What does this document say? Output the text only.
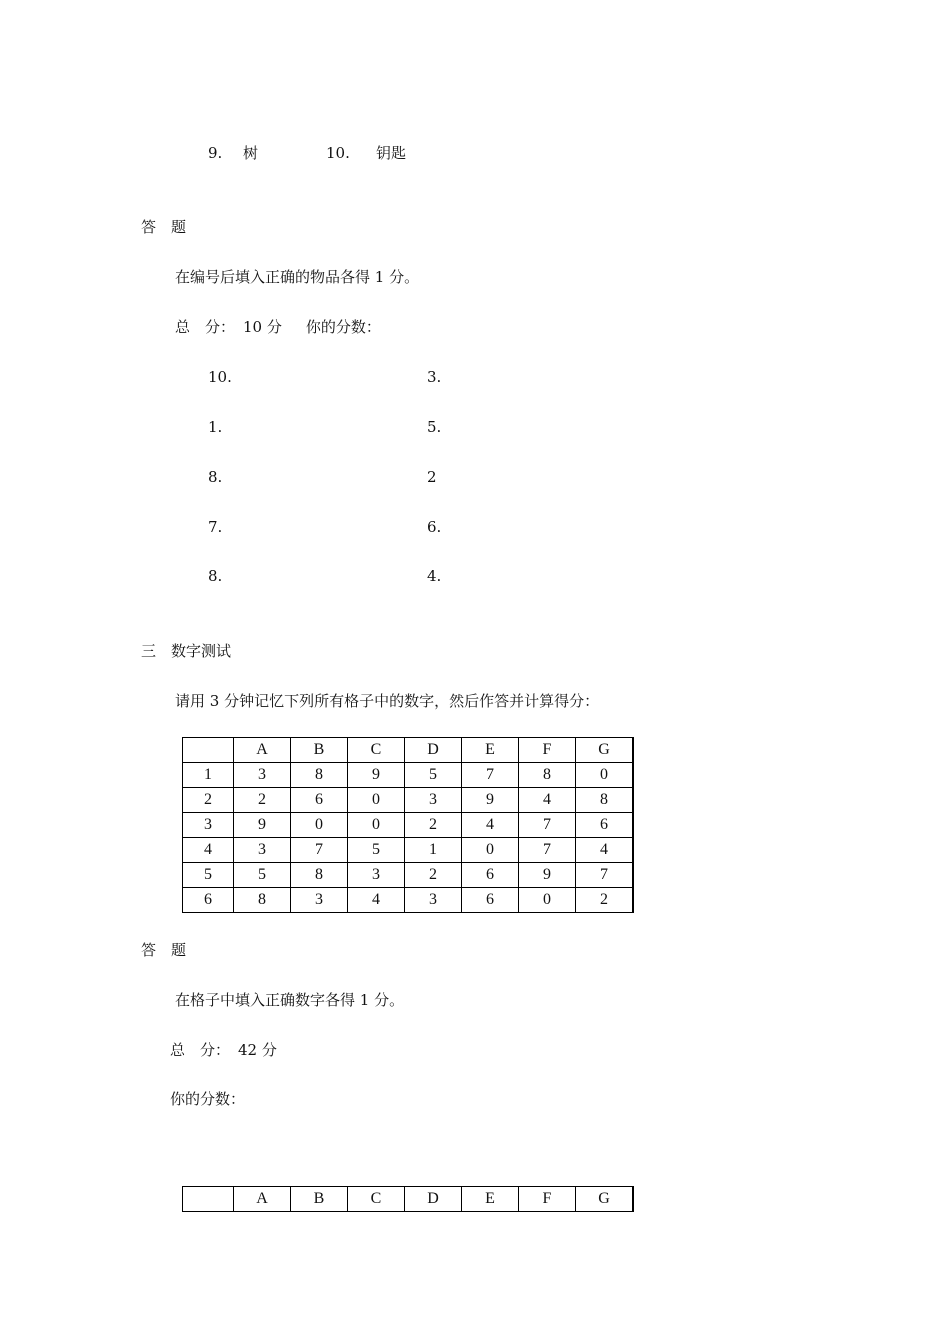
9. 树	10. 钥匙
答　题
在编号后填入正确的物品各得 1 分。
总　分： 10 分 你的分数：
10.	3.
1.	5.
8.	2
7.	6.
8.	4.
三　数字测试
请用 3 分钟记忆下列所有格子中的数字，然后作答并计算得分：
	A	B	C	D	E	F	G
1	3	8	9	5	7	8	0
2	2	6	0	3	9	4	8
3	9	0	0	2	4	7	6
4	3	7	5	1	0	7	4
5	5	8	3	2	6	9	7
6	8	3	4	3	6	0	2
答　题
在格子中填入正确数字各得 1 分。
总　分： 42 分
你的分数：
	A	B	C	D	E	F	G
